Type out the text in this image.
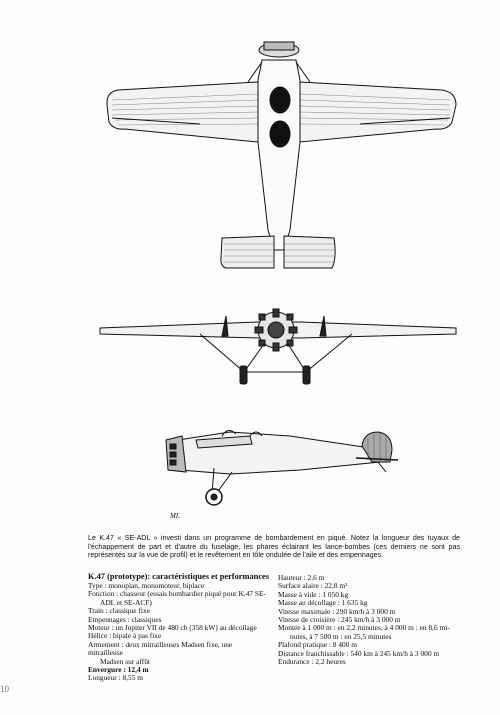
ML
Le K.47 « SE-ADL » investi dans un programme de bombardement en piqué. Notez la longueur des tuyaux de l'échappement de part et d'autre du fuselage, les phares éclairant les lance-bombes (ces derniers ne sont pas représentés sur la vue de profil) et le revêtement en tôle ondulée de l'aile et des empennages.
K.47 (prototype): caractéristiques et performances
Type : monoplan, monomoteur, biplace
Fonction : chasseur (essais bombardier piqué pour K.47 SE-
ADL et SE-ACF)
Train : classique fixe
Empennages : classiques
Moteur : un Jupiter VII de 480 ch (358 kW) au décollage
Hélice : bipale à pas fixe
Armement : deux mitrailleuses Madsen fixe, une mitrailleuse
Madsen sur affût
Envergure : 12,4 m
Longueur : 8,55 m
Hauteur : 2,6 m
Surface alaire : 22,8 m²
Masse à vide : 1 050 kg
Masse au décollage : 1 635 kg
Vitesse maximale : 290 km/h à 3 000 m
Vitesse de croisière : 245 km/h à 3 000 m
Montée à 1 000 m : en 2,2 minutes, à 4 000 m : en 8,6 mi-
nutes, à 7 500 m : en 25,5 minutes
Plafond pratique : 8 400 m
Distance franchissable : 540 km à 245 km/h à 3 000 m
Endurance : 2,2 heures
10
